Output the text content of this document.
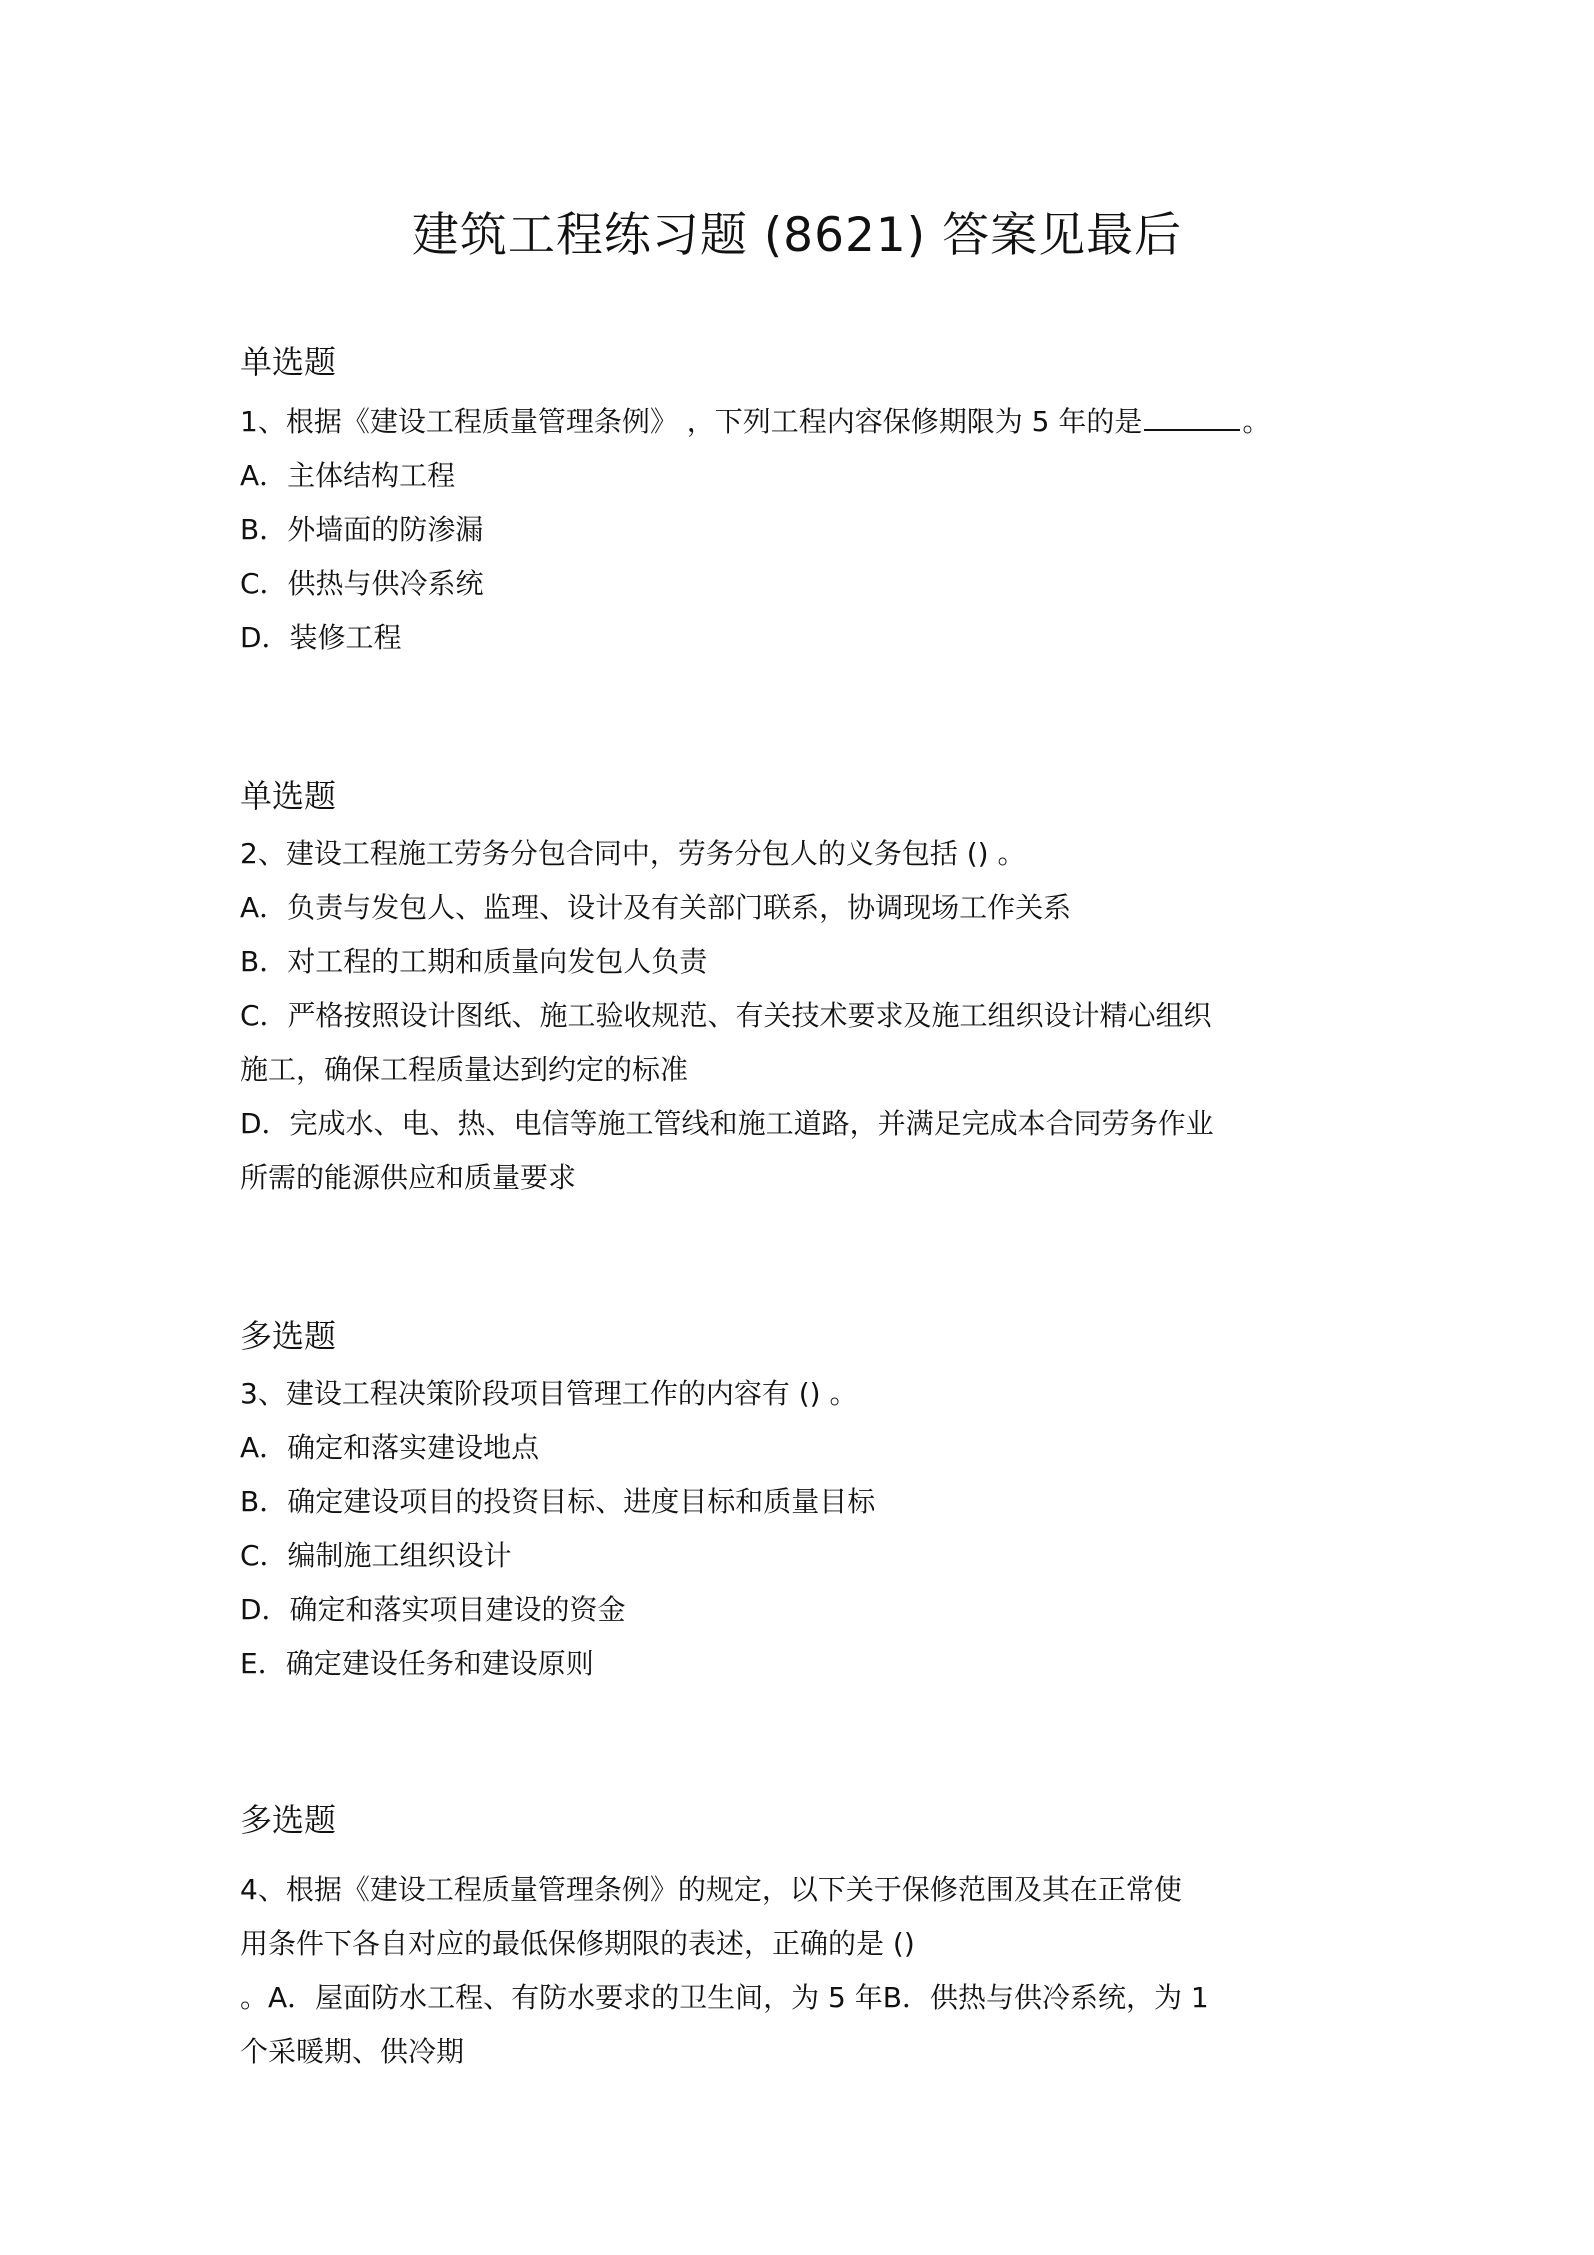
建筑工程练习题 (8621) 答案见最后
单选题
1、根据《建设工程质量管理条例》 ，下列工程内容保修期限为 5 年的是	。
A．主体结构工程
B．外墙面的防渗漏
C．供热与供冷系统
D．装修工程
单选题
2、建设工程施工劳务分包合同中，劳务分包人的义务包括 () 。
A．负责与发包人、监理、设计及有关部门联系，协调现场工作关系
B．对工程的工期和质量向发包人负责
C．严格按照设计图纸、施工验收规范、有关技术要求及施工组织设计精心组织
施工，确保工程质量达到约定的标准
D．完成水、电、热、电信等施工管线和施工道路，并满足完成本合同劳务作业
所需的能源供应和质量要求
多选题
3、建设工程决策阶段项目管理工作的内容有 () 。
A．确定和落实建设地点
B．确定建设项目的投资目标、进度目标和质量目标
C．编制施工组织设计
D．确定和落实项目建设的资金
E．确定建设任务和建设原则
多选题
4、根据《建设工程质量管理条例》的规定，以下关于保修范围及其在正常使
用条件下各自对应的最低保修期限的表述，正确的是 ()
。A．屋面防水工程、有防水要求的卫生间，为 5 年B．供热与供冷系统，为 1
个采暖期、供冷期
